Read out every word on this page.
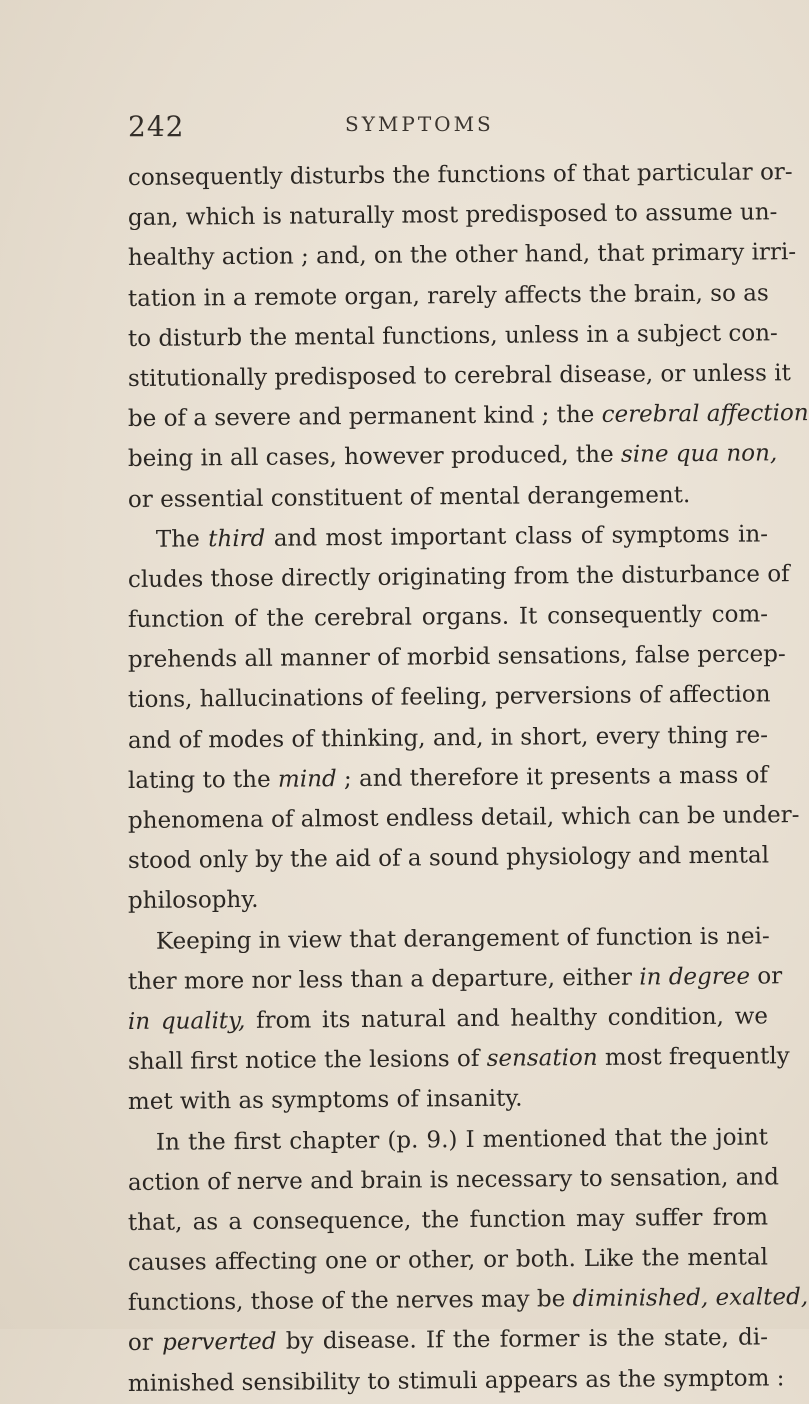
242	SYMPTOMS
consequently disturbs the functions of that particular or-
gan, which is naturally most predisposed to assume un-
healthy action ; and, on the other hand, that primary irri-
tation in a remote organ, rarely affects the brain, so as
to disturb the mental functions, unless in a subject con-
stitutionally predisposed to cerebral disease, or unless it
be of a severe and permanent kind ; the cerebral affection
being in all cases, however produced, the sine qua non,
or essential constituent of mental derangement.
The third and most important class of symptoms in-
cludes those directly originating from the disturbance of
function of the cerebral organs. It consequently com-
prehends all manner of morbid sensations, false percep-
tions, hallucinations of feeling, perversions of affection
and of modes of thinking, and, in short, every thing re-
lating to the mind ; and therefore it presents a mass of
phenomena of almost endless detail, which can be under-
stood only by the aid of a sound physiology and mental
philosophy.
Keeping in view that derangement of function is nei-
ther more nor less than a departure, either in degree or
in quality, from its natural and healthy condition, we
shall first notice the lesions of sensation most frequently
met with as symptoms of insanity.
In the first chapter (p. 9.) I mentioned that the joint
action of nerve and brain is necessary to sensation, and
that, as a consequence, the function may suffer from
causes affecting one or other, or both. Like the mental
functions, those of the nerves may be diminished, exalted,
or perverted by disease. If the former is the state, di-
minished sensibility to stimuli appears as the symptom :
